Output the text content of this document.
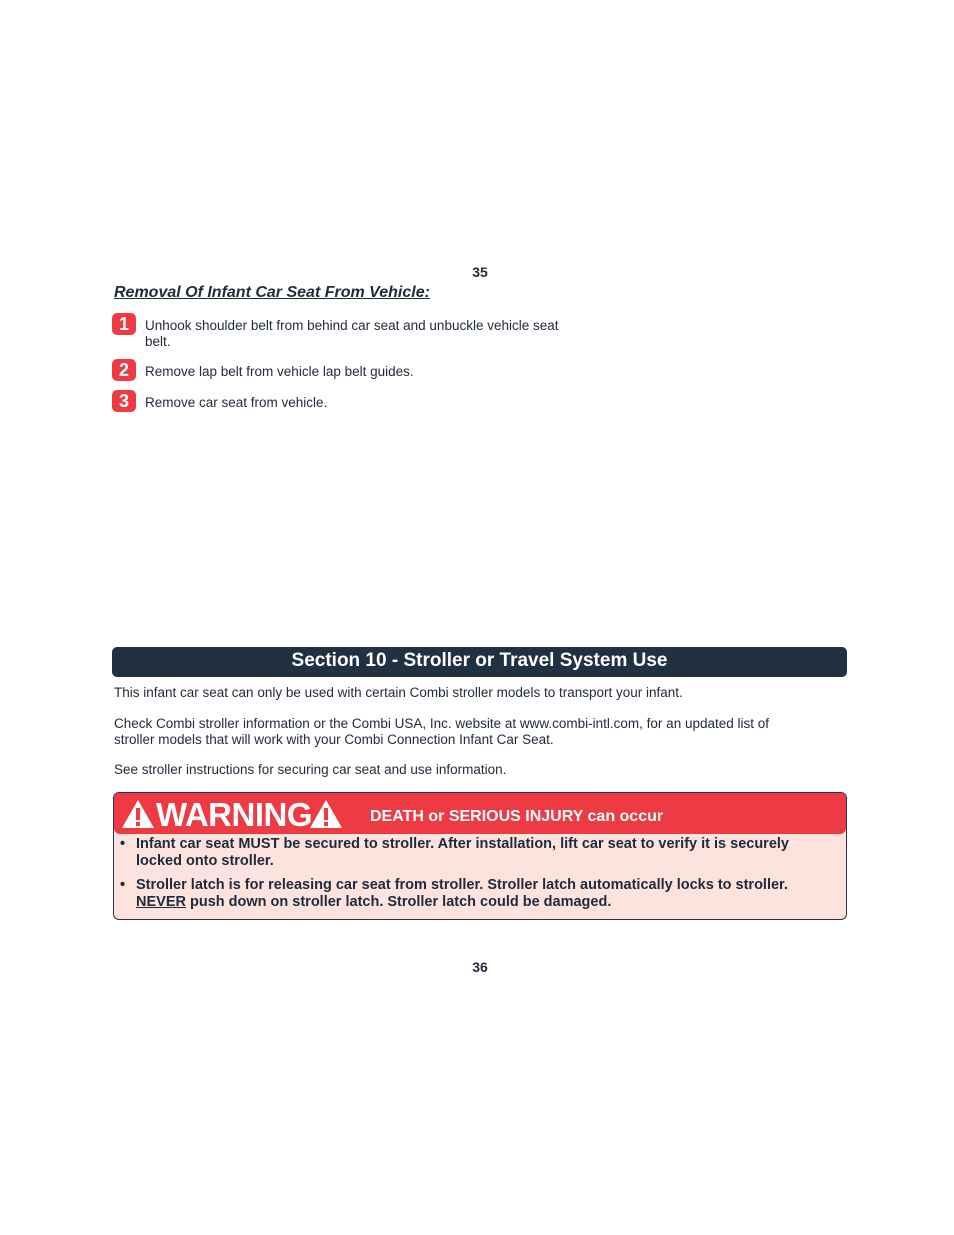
35
Removal Of Infant Car Seat From Vehicle:
1	Unhook shoulder belt from behind car seat and unbuckle vehicle seat belt.
2	Remove lap belt from vehicle lap belt guides.
3	Remove car seat from vehicle.
Section 10 - Stroller or Travel System Use
This infant car seat can only be used with certain Combi stroller models to transport your infant.
Check Combi stroller information or the Combi USA, Inc. website at www.combi-intl.com, for an updated list of stroller models that will work with your Combi Connection Infant Car Seat.
See stroller instructions for securing car seat and use information.
WARNING	DEATH or SERIOUS INJURY can occur
• Infant car seat MUST be secured to stroller. After installation, lift car seat to verify it is securely locked onto stroller.
• Stroller latch is for releasing car seat from stroller. Stroller latch automatically locks to stroller. NEVER push down on stroller latch. Stroller latch could be damaged.
36
